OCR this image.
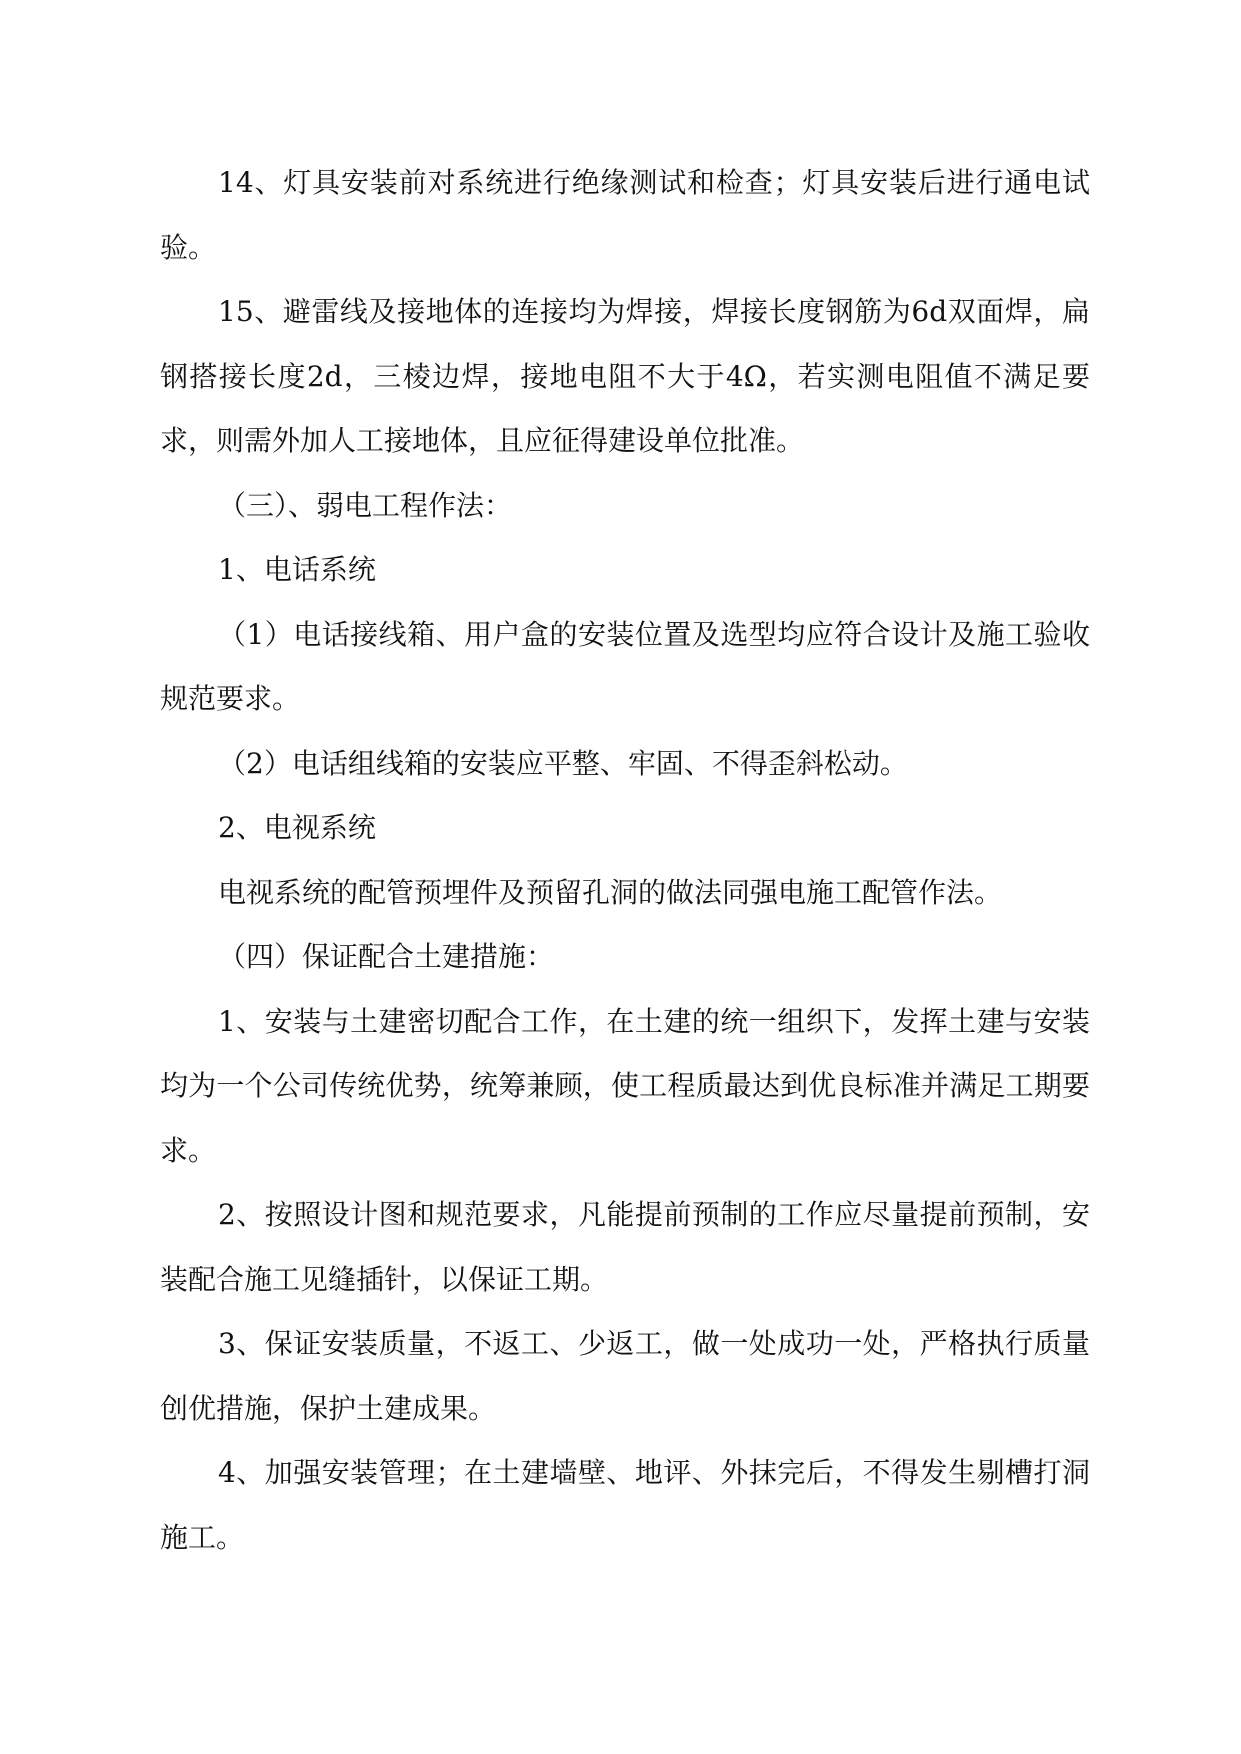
14、灯具安装前对系统进行绝缘测试和检查；灯具安装后进行通电试验。

15、避雷线及接地体的连接均为焊接，焊接长度钢筋为6d双面焊，扁钢搭接长度2d，三棱边焊，接地电阻不大于4Ω，若实测电阻值不满足要求，则需外加人工接地体，且应征得建设单位批准。

（三）、弱电工程作法：

1、电话系统

（1）电话接线箱、用户盒的安装位置及选型均应符合设计及施工验收规范要求。

（2）电话组线箱的安装应平整、牢固、不得歪斜松动。

2、电视系统

电视系统的配管预埋件及预留孔洞的做法同强电施工配管作法。

（四）保证配合土建措施：

1、安装与土建密切配合工作，在土建的统一组织下，发挥土建与安装均为一个公司传统优势，统筹兼顾，使工程质最达到优良标准并满足工期要求。

2、按照设计图和规范要求，凡能提前预制的工作应尽量提前预制，安装配合施工见缝插针，以保证工期。

3、保证安装质量，不返工、少返工，做一处成功一处，严格执行质量创优措施，保护土建成果。

4、加强安装管理；在土建墙壁、地评、外抹完后，不得发生剔槽打洞施工。
